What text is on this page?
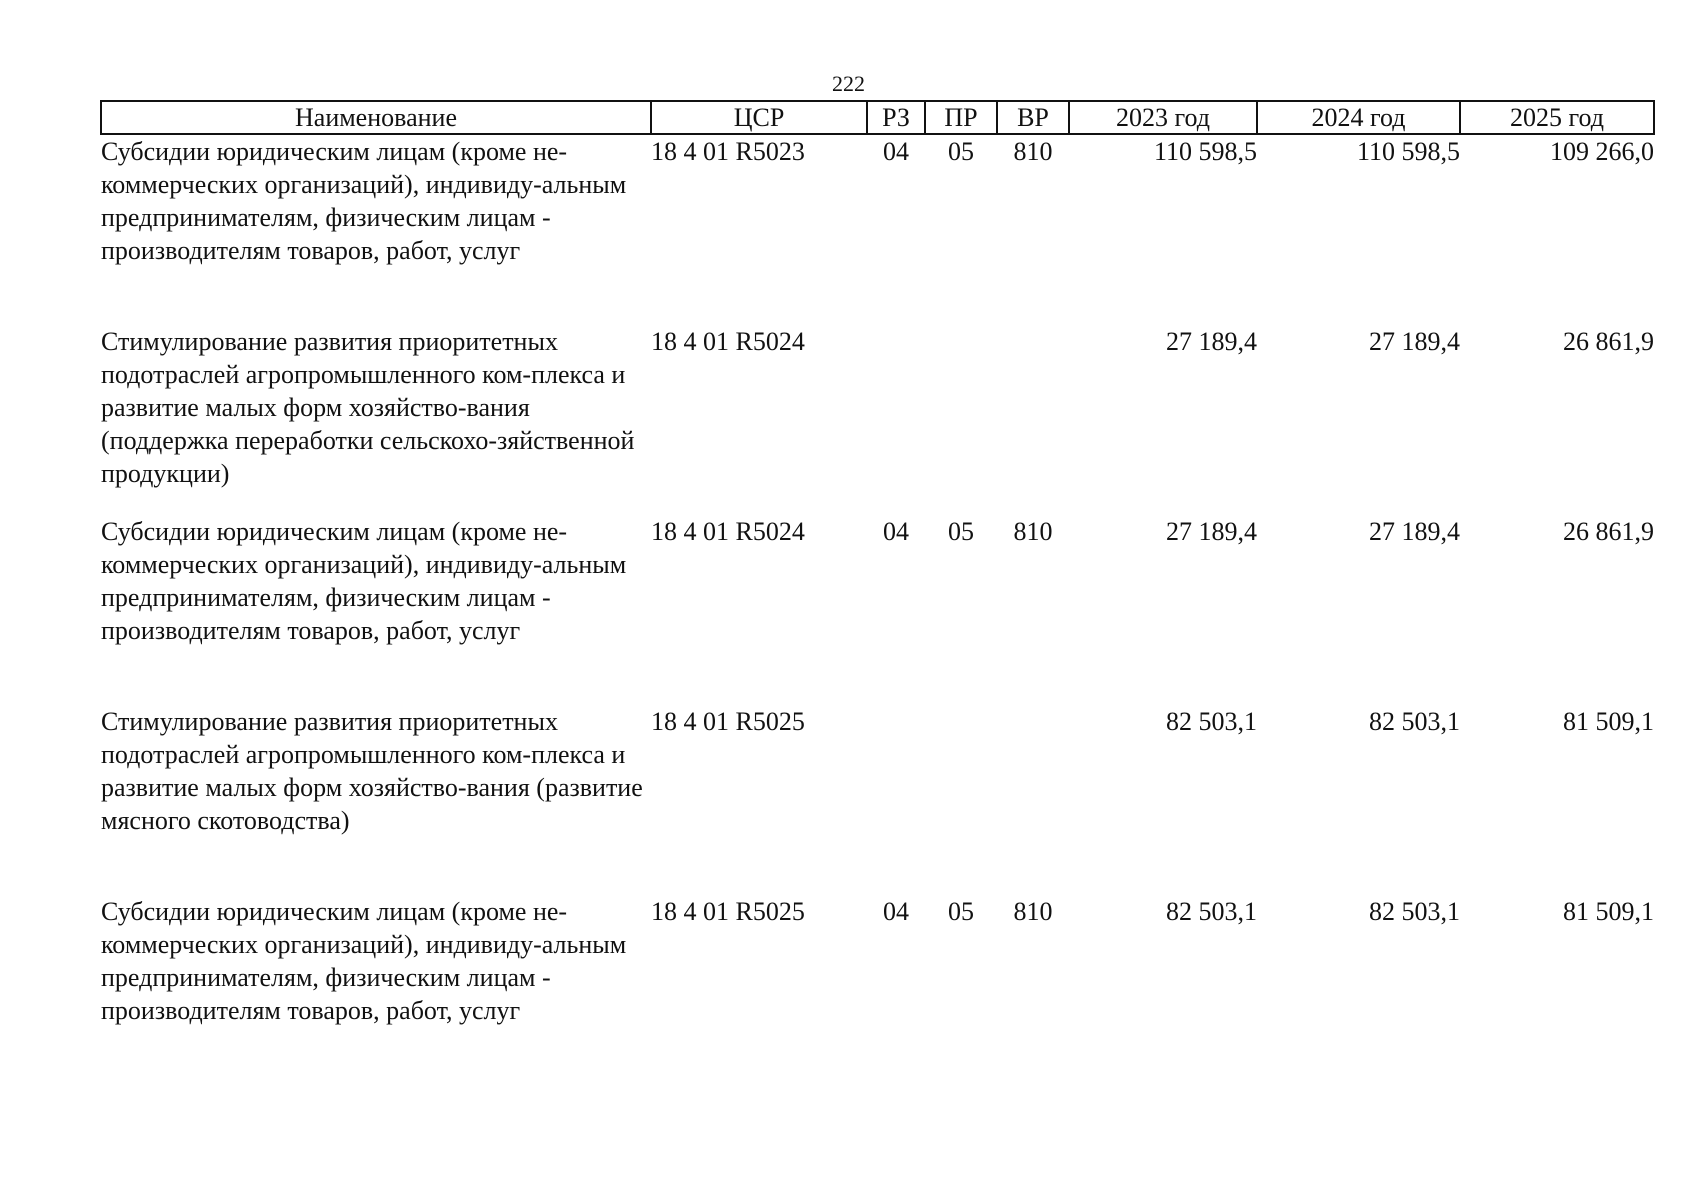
222
Наименование	ЦСР	РЗ	ПР	ВР	2023 год	2024 год	2025 год
Субсидии юридическим лицам (кроме не-коммерческих организаций), индивиду-альным предпринимателям, физическим лицам - производителям товаров, работ, услуг	18 4 01 R5023	04	05	810	110 598,5	110 598,5	109 266,0
Стимулирование развития приоритетных подотраслей агропромышленного ком-плекса и развитие малых форм хозяйство-вания (поддержка переработки сельскохо-зяйственной продукции)	18 4 01 R5024				27 189,4	27 189,4	26 861,9
Субсидии юридическим лицам (кроме не-коммерческих организаций), индивиду-альным предпринимателям, физическим лицам - производителям товаров, работ, услуг	18 4 01 R5024	04	05	810	27 189,4	27 189,4	26 861,9
Стимулирование развития приоритетных подотраслей агропромышленного ком-плекса и развитие малых форм хозяйство-вания (развитие мясного скотоводства)	18 4 01 R5025				82 503,1	82 503,1	81 509,1
Субсидии юридическим лицам (кроме не-коммерческих организаций), индивиду-альным предпринимателям, физическим лицам - производителям товаров, работ, услуг	18 4 01 R5025	04	05	810	82 503,1	82 503,1	81 509,1
